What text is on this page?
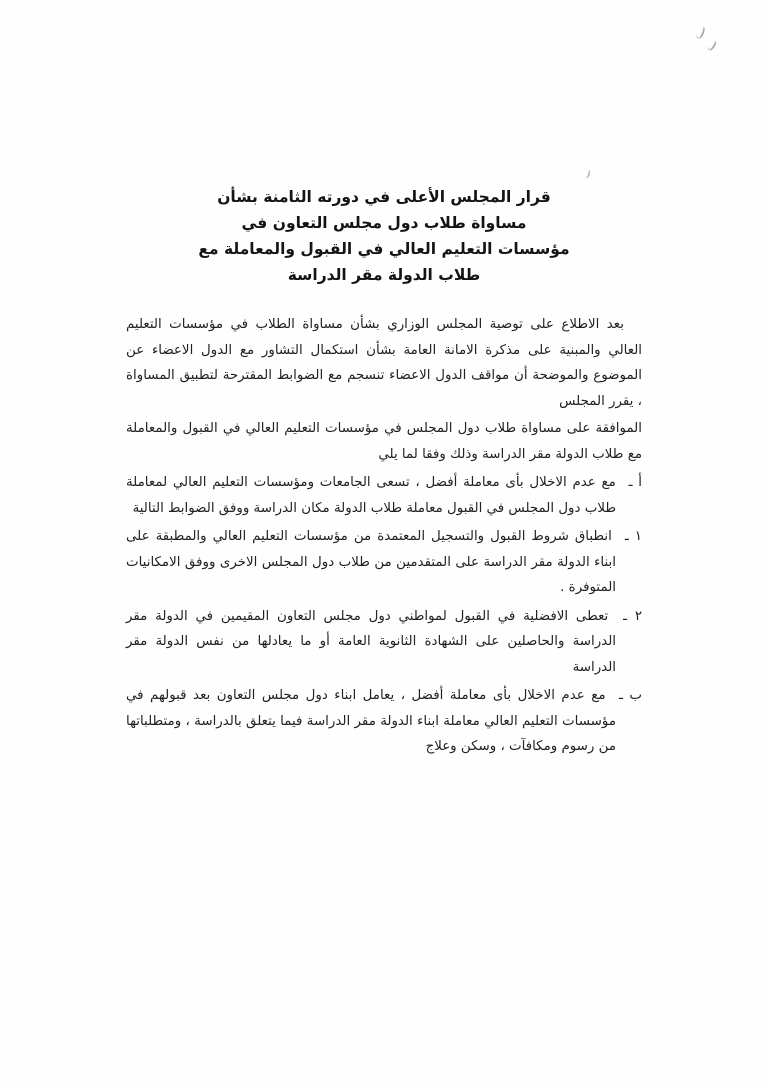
قرار المجلس الأعلى في دورته الثامنة بشأن
مساواة طلاب دول مجلس التعاون في
مؤسسات التعليم العالي في القبول والمعاملة مع
طلاب الدولة مقر الدراسة
بعد الاطلاع على توصية المجلس الوزاري بشأن مساواة الطلاب في مؤسسات التعليم العالي والمبنية على مذكرة الامانة العامة بشأن استكمال التشاور مع الدول الاعضاء عن الموضوع والموضحة أن مواقف الدول الاعضاء تنسجم مع الضوابط المقترحة لتطبيق المساواة ، يقرر المجلس
الموافقة على مساواة طلاب دول المجلس في مؤسسات التعليم العالي في القبول والمعاملة مع طلاب الدولة مقر الدراسة وذلك وفقا لما يلي
أ ـ مع عدم الاخلال بأى معاملة أفضل ، تسعى الجامعات ومؤسسات التعليم العالي لمعاملة طلاب دول المجلس في القبول معاملة طلاب الدولة مكان الدراسة ووفق الضوابط التالية
١ ـ انطباق شروط القبول والتسجيل المعتمدة من مؤسسات التعليم العالي والمطبقة على ابناء الدولة مقر الدراسة على المتقدمين من طلاب دول المجلس الاخرى ووفق الامكانيات المتوفرة .
٢ ـ تعطى الافضلية في القبول لمواطني دول مجلس التعاون المقيمين في الدولة مقر الدراسة والحاصلين على الشهادة الثانوية العامة أو ما يعادلها من نفس الدولة مقر الدراسة
ب ـ مع عدم الاخلال بأى معاملة أفضل ، يعامل ابناء دول مجلس التعاون بعد قبولهم في مؤسسات التعليم العالي معاملة ابناء الدولة مقر الدراسة فيما يتعلق بالدراسة ، ومتطلباتها من رسوم ومكافآت ، وسكن وعلاج
